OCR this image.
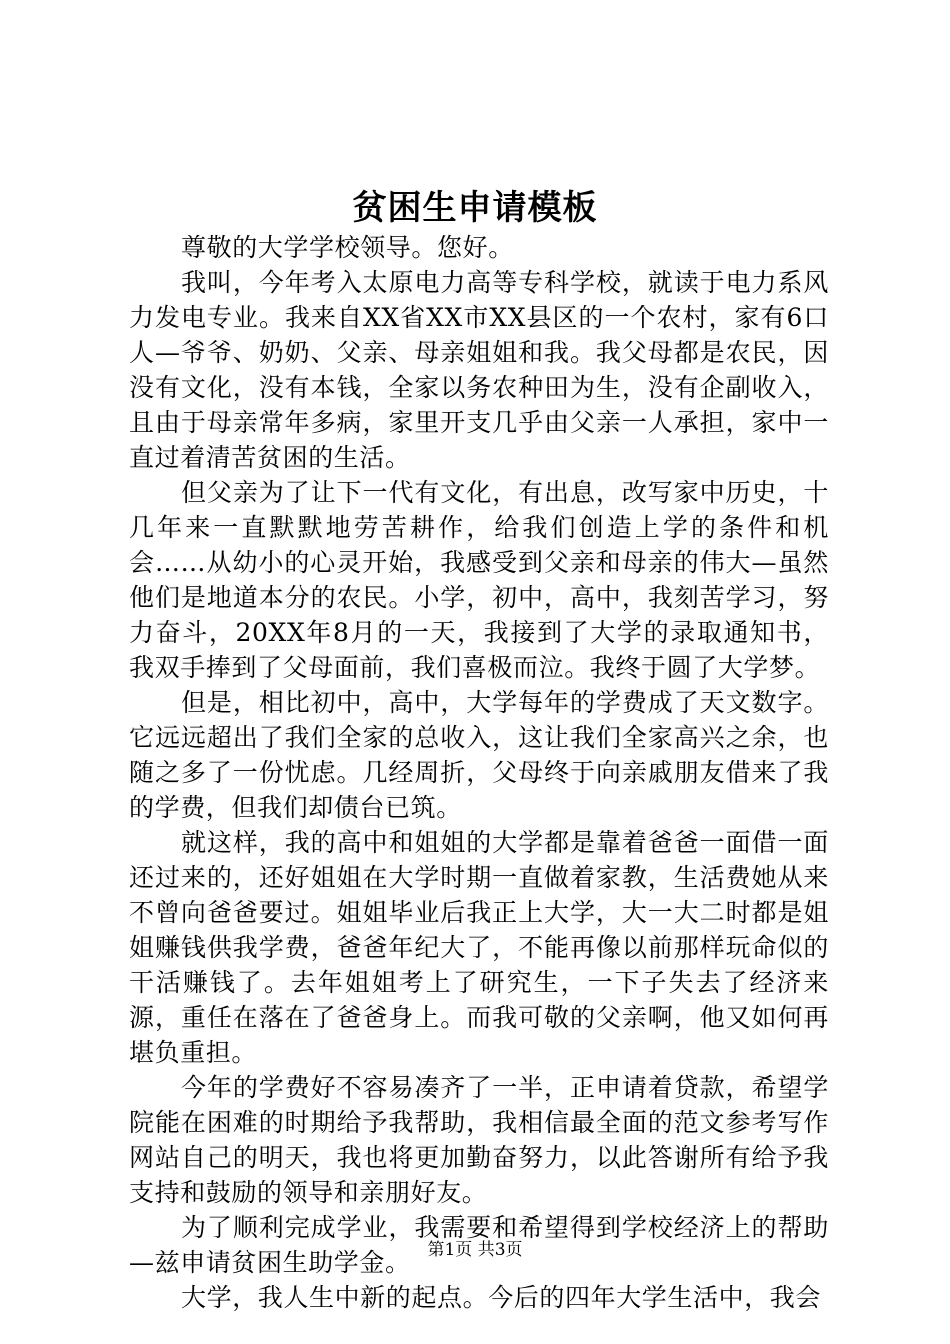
贫困生申请模板

尊敬的大学学校领导。您好。

我叫，今年考入太原电力高等专科学校，就读于电力系风力发电专业。我来自XX省XX市XX县区的一个农村，家有6口人—爷爷、奶奶、父亲、母亲姐姐和我。我父母都是农民，因没有文化，没有本钱，全家以务农种田为生，没有企副收入，且由于母亲常年多病，家里开支几乎由父亲一人承担，家中一直过着清苦贫困的生活。

但父亲为了让下一代有文化，有出息，改写家中历史，十几年来一直默默地劳苦耕作，给我们创造上学的条件和机会……从幼小的心灵开始，我感受到父亲和母亲的伟大—虽然他们是地道本分的农民。小学，初中，高中，我刻苦学习，努力奋斗，20XX年8月的一天，我接到了大学的录取通知书，我双手捧到了父母面前，我们喜极而泣。我终于圆了大学梦。

但是，相比初中，高中，大学每年的学费成了天文数字。它远远超出了我们全家的总收入，这让我们全家高兴之余，也随之多了一份忧虑。几经周折，父母终于向亲戚朋友借来了我的学费，但我们却债台已筑。

就这样，我的高中和姐姐的大学都是靠着爸爸一面借一面还过来的，还好姐姐在大学时期一直做着家教，生活费她从来不曾向爸爸要过。姐姐毕业后我正上大学，大一大二时都是姐姐赚钱供我学费，爸爸年纪大了，不能再像以前那样玩命似的干活赚钱了。去年姐姐考上了研究生，一下子失去了经济来源，重任在落在了爸爸身上。而我可敬的父亲啊，他又如何再堪负重担。

今年的学费好不容易凑齐了一半，正申请着贷款，希望学院能在困难的时期给予我帮助，我相信最全面的范文参考写作网站自己的明天，我也将更加勤奋努力，以此答谢所有给予我支持和鼓励的领导和亲朋好友。

为了顺利完成学业，我需要和希望得到学校经济上的帮助—兹申请贫困生助学金。

大学，我人生中新的起点。今后的四年大学生活中，我会

第1页 共3页
